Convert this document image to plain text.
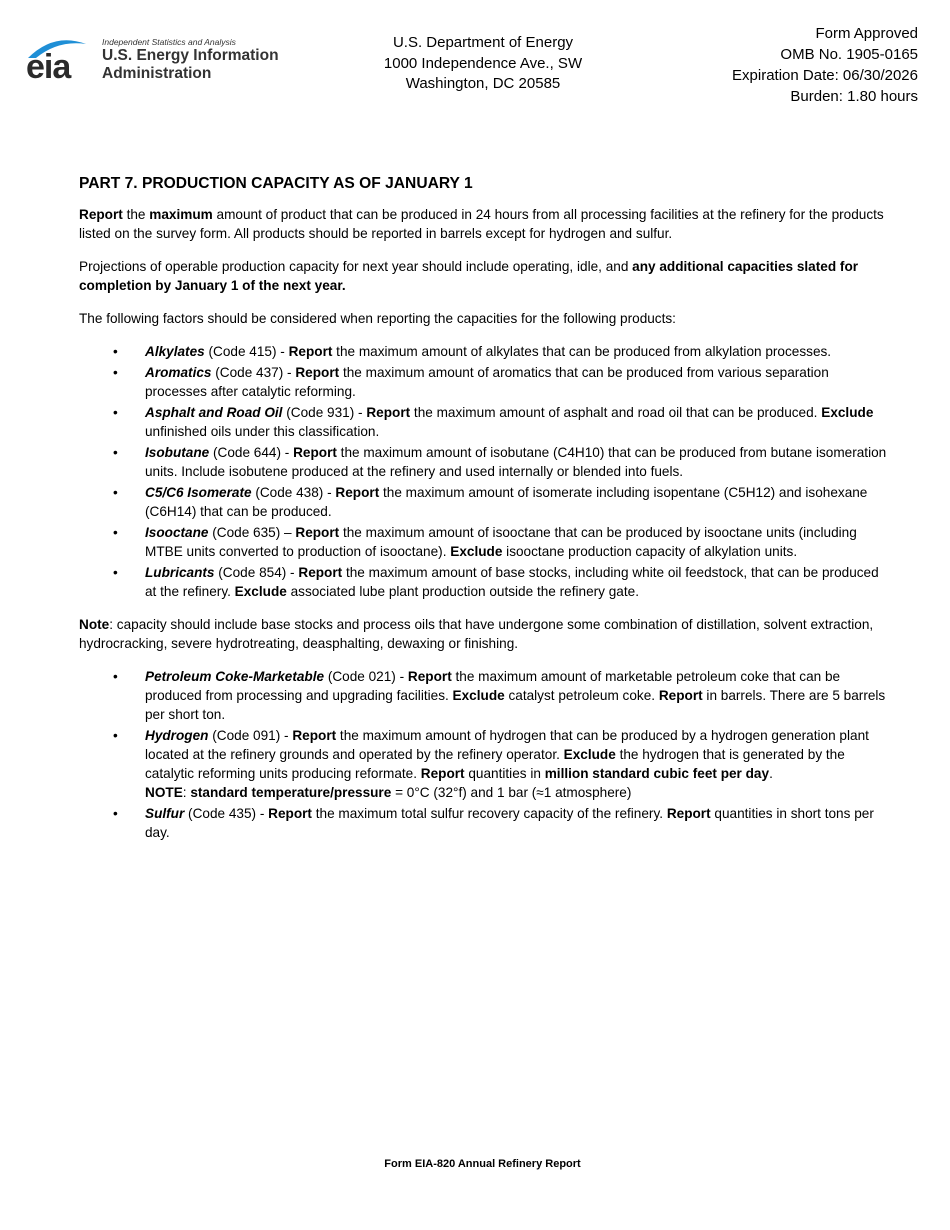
eia
Independent Statistics and Analysis
U.S. Energy Information
Administration
U.S. Department of Energy
1000 Independence Ave., SW
Washington, DC 20585
Form Approved
OMB No. 1905-0165
Expiration Date: 06/30/2026
Burden: 1.80 hours
PART 7. PRODUCTION CAPACITY AS OF JANUARY 1

Report the maximum amount of product that can be produced in 24 hours from all processing facilities at the refinery for the products listed on the survey form. All products should be reported in barrels except for hydrogen and sulfur.

Projections of operable production capacity for next year should include operating, idle, and any additional capacities slated for completion by January 1 of the next year.

The following factors should be considered when reporting the capacities for the following products:

• Alkylates (Code 415) - Report the maximum amount of alkylates that can be produced from alkylation processes.
• Aromatics (Code 437) - Report the maximum amount of aromatics that can be produced from various separation processes after catalytic reforming.
• Asphalt and Road Oil (Code 931) - Report the maximum amount of asphalt and road oil that can be produced. Exclude unfinished oils under this classification.
• Isobutane (Code 644) - Report the maximum amount of isobutane (C4H10) that can be produced from butane isomeration units. Include isobutene produced at the refinery and used internally or blended into fuels.
• C5/C6 Isomerate (Code 438) - Report the maximum amount of isomerate including isopentane (C5H12) and isohexane (C6H14) that can be produced.
• Isooctane (Code 635) – Report the maximum amount of isooctane that can be produced by isooctane units (including MTBE units converted to production of isooctane). Exclude isooctane production capacity of alkylation units.
• Lubricants (Code 854) - Report the maximum amount of base stocks, including white oil feedstock, that can be produced at the refinery. Exclude associated lube plant production outside the refinery gate.

Note: capacity should include base stocks and process oils that have undergone some combination of distillation, solvent extraction, hydrocracking, severe hydrotreating, deasphalting, dewaxing or finishing.

• Petroleum Coke-Marketable (Code 021) - Report the maximum amount of marketable petroleum coke that can be produced from processing and upgrading facilities. Exclude catalyst petroleum coke. Report in barrels. There are 5 barrels per short ton.
• Hydrogen (Code 091) - Report the maximum amount of hydrogen that can be produced by a hydrogen generation plant located at the refinery grounds and operated by the refinery operator. Exclude the hydrogen that is generated by the catalytic reforming units producing reformate. Report quantities in million standard cubic feet per day.
NOTE: standard temperature/pressure = 0°C (32°f) and 1 bar (≈1 atmosphere)
• Sulfur (Code 435) - Report the maximum total sulfur recovery capacity of the refinery. Report quantities in short tons per day.
Form EIA-820 Annual Refinery Report
